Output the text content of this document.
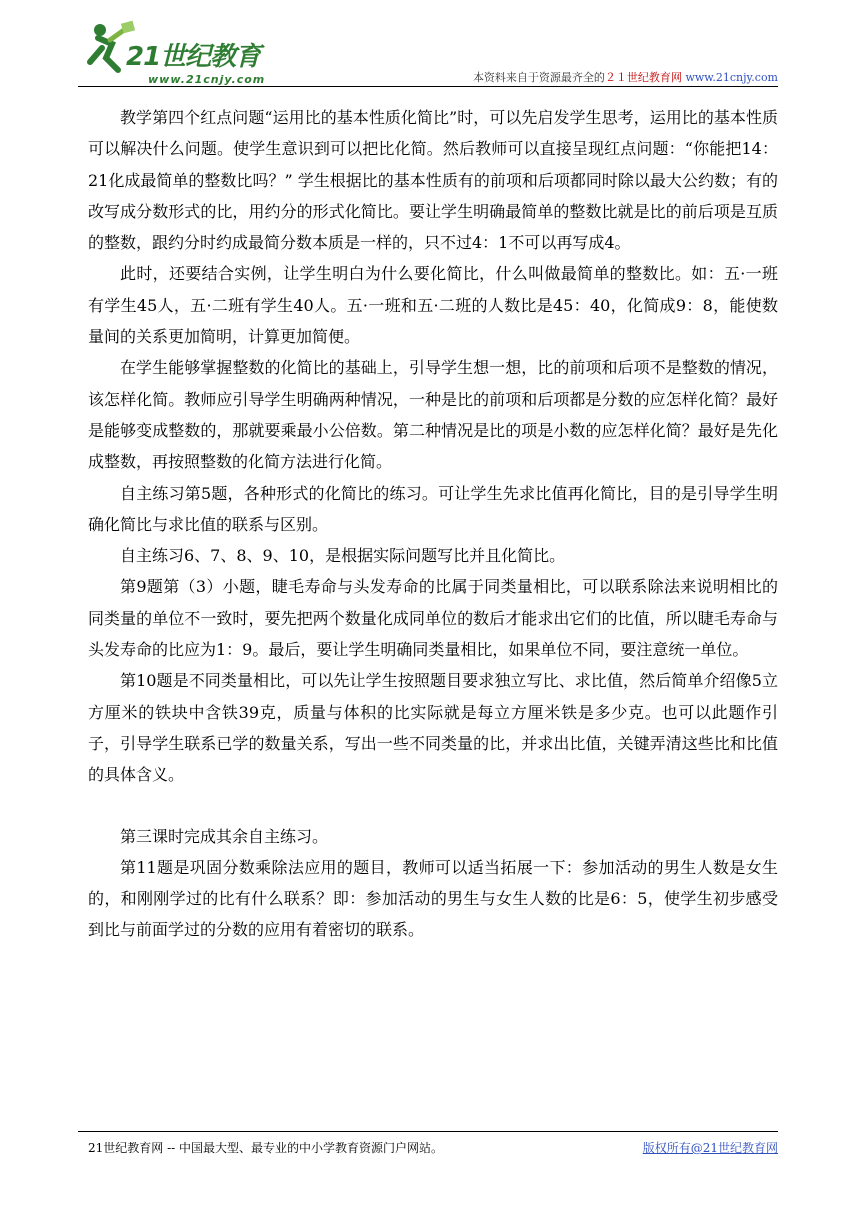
21世纪教育
www.21cnjy.com	本资料来自于资源最齐全的２１世纪教育网 www.21cnjy.com

教学第四个红点问题“运用比的基本性质化简比”时，可以先启发学生思考，运用比的基本性质可以解决什么问题。使学生意识到可以把比化简。然后教师可以直接呈现红点问题：“你能把14：21化成最简单的整数比吗？” 学生根据比的基本性质有的前项和后项都同时除以最大公约数；有的改写成分数形式的比，用约分的形式化简比。要让学生明确最简单的整数比就是比的前后项是互质的整数，跟约分时约成最简分数本质是一样的，只不过4：1不可以再写成4。

此时，还要结合实例，让学生明白为什么要化简比，什么叫做最简单的整数比。如：五·一班有学生45人，五·二班有学生40人。五·一班和五·二班的人数比是45：40，化简成9：8，能使数量间的关系更加简明，计算更加简便。

在学生能够掌握整数的化简比的基础上，引导学生想一想，比的前项和后项不是整数的情况，该怎样化简。教师应引导学生明确两种情况，一种是比的前项和后项都是分数的应怎样化简？最好是能够变成整数的，那就要乘最小公倍数。第二种情况是比的项是小数的应怎样化简？最好是先化成整数，再按照整数的化简方法进行化简。

自主练习第5题，各种形式的化简比的练习。可让学生先求比值再化简比，目的是引导学生明确化简比与求比值的联系与区别。

自主练习6、7、8、9、10，是根据实际问题写比并且化简比。

第9题第（3）小题，睫毛寿命与头发寿命的比属于同类量相比，可以联系除法来说明相比的同类量的单位不一致时，要先把两个数量化成同单位的数后才能求出它们的比值，所以睫毛寿命与头发寿命的比应为1：9。最后，要让学生明确同类量相比，如果单位不同，要注意统一单位。

第10题是不同类量相比，可以先让学生按照题目要求独立写比、求比值，然后简单介绍像5立方厘米的铁块中含铁39克，质量与体积的比实际就是每立方厘米铁是多少克。也可以此题作引子，引导学生联系已学的数量关系，写出一些不同类量的比，并求出比值，关键弄清这些比和比值的具体含义。

第三课时完成其余自主练习。

第11题是巩固分数乘除法应用的题目，教师可以适当拓展一下：参加活动的男生人数是女生的，和刚刚学过的比有什么联系？即：参加活动的男生与女生人数的比是6：5，使学生初步感受到比与前面学过的分数的应用有着密切的联系。

21世纪教育网 -- 中国最大型、最专业的中小学教育资源门户网站。	版权所有@21世纪教育网
